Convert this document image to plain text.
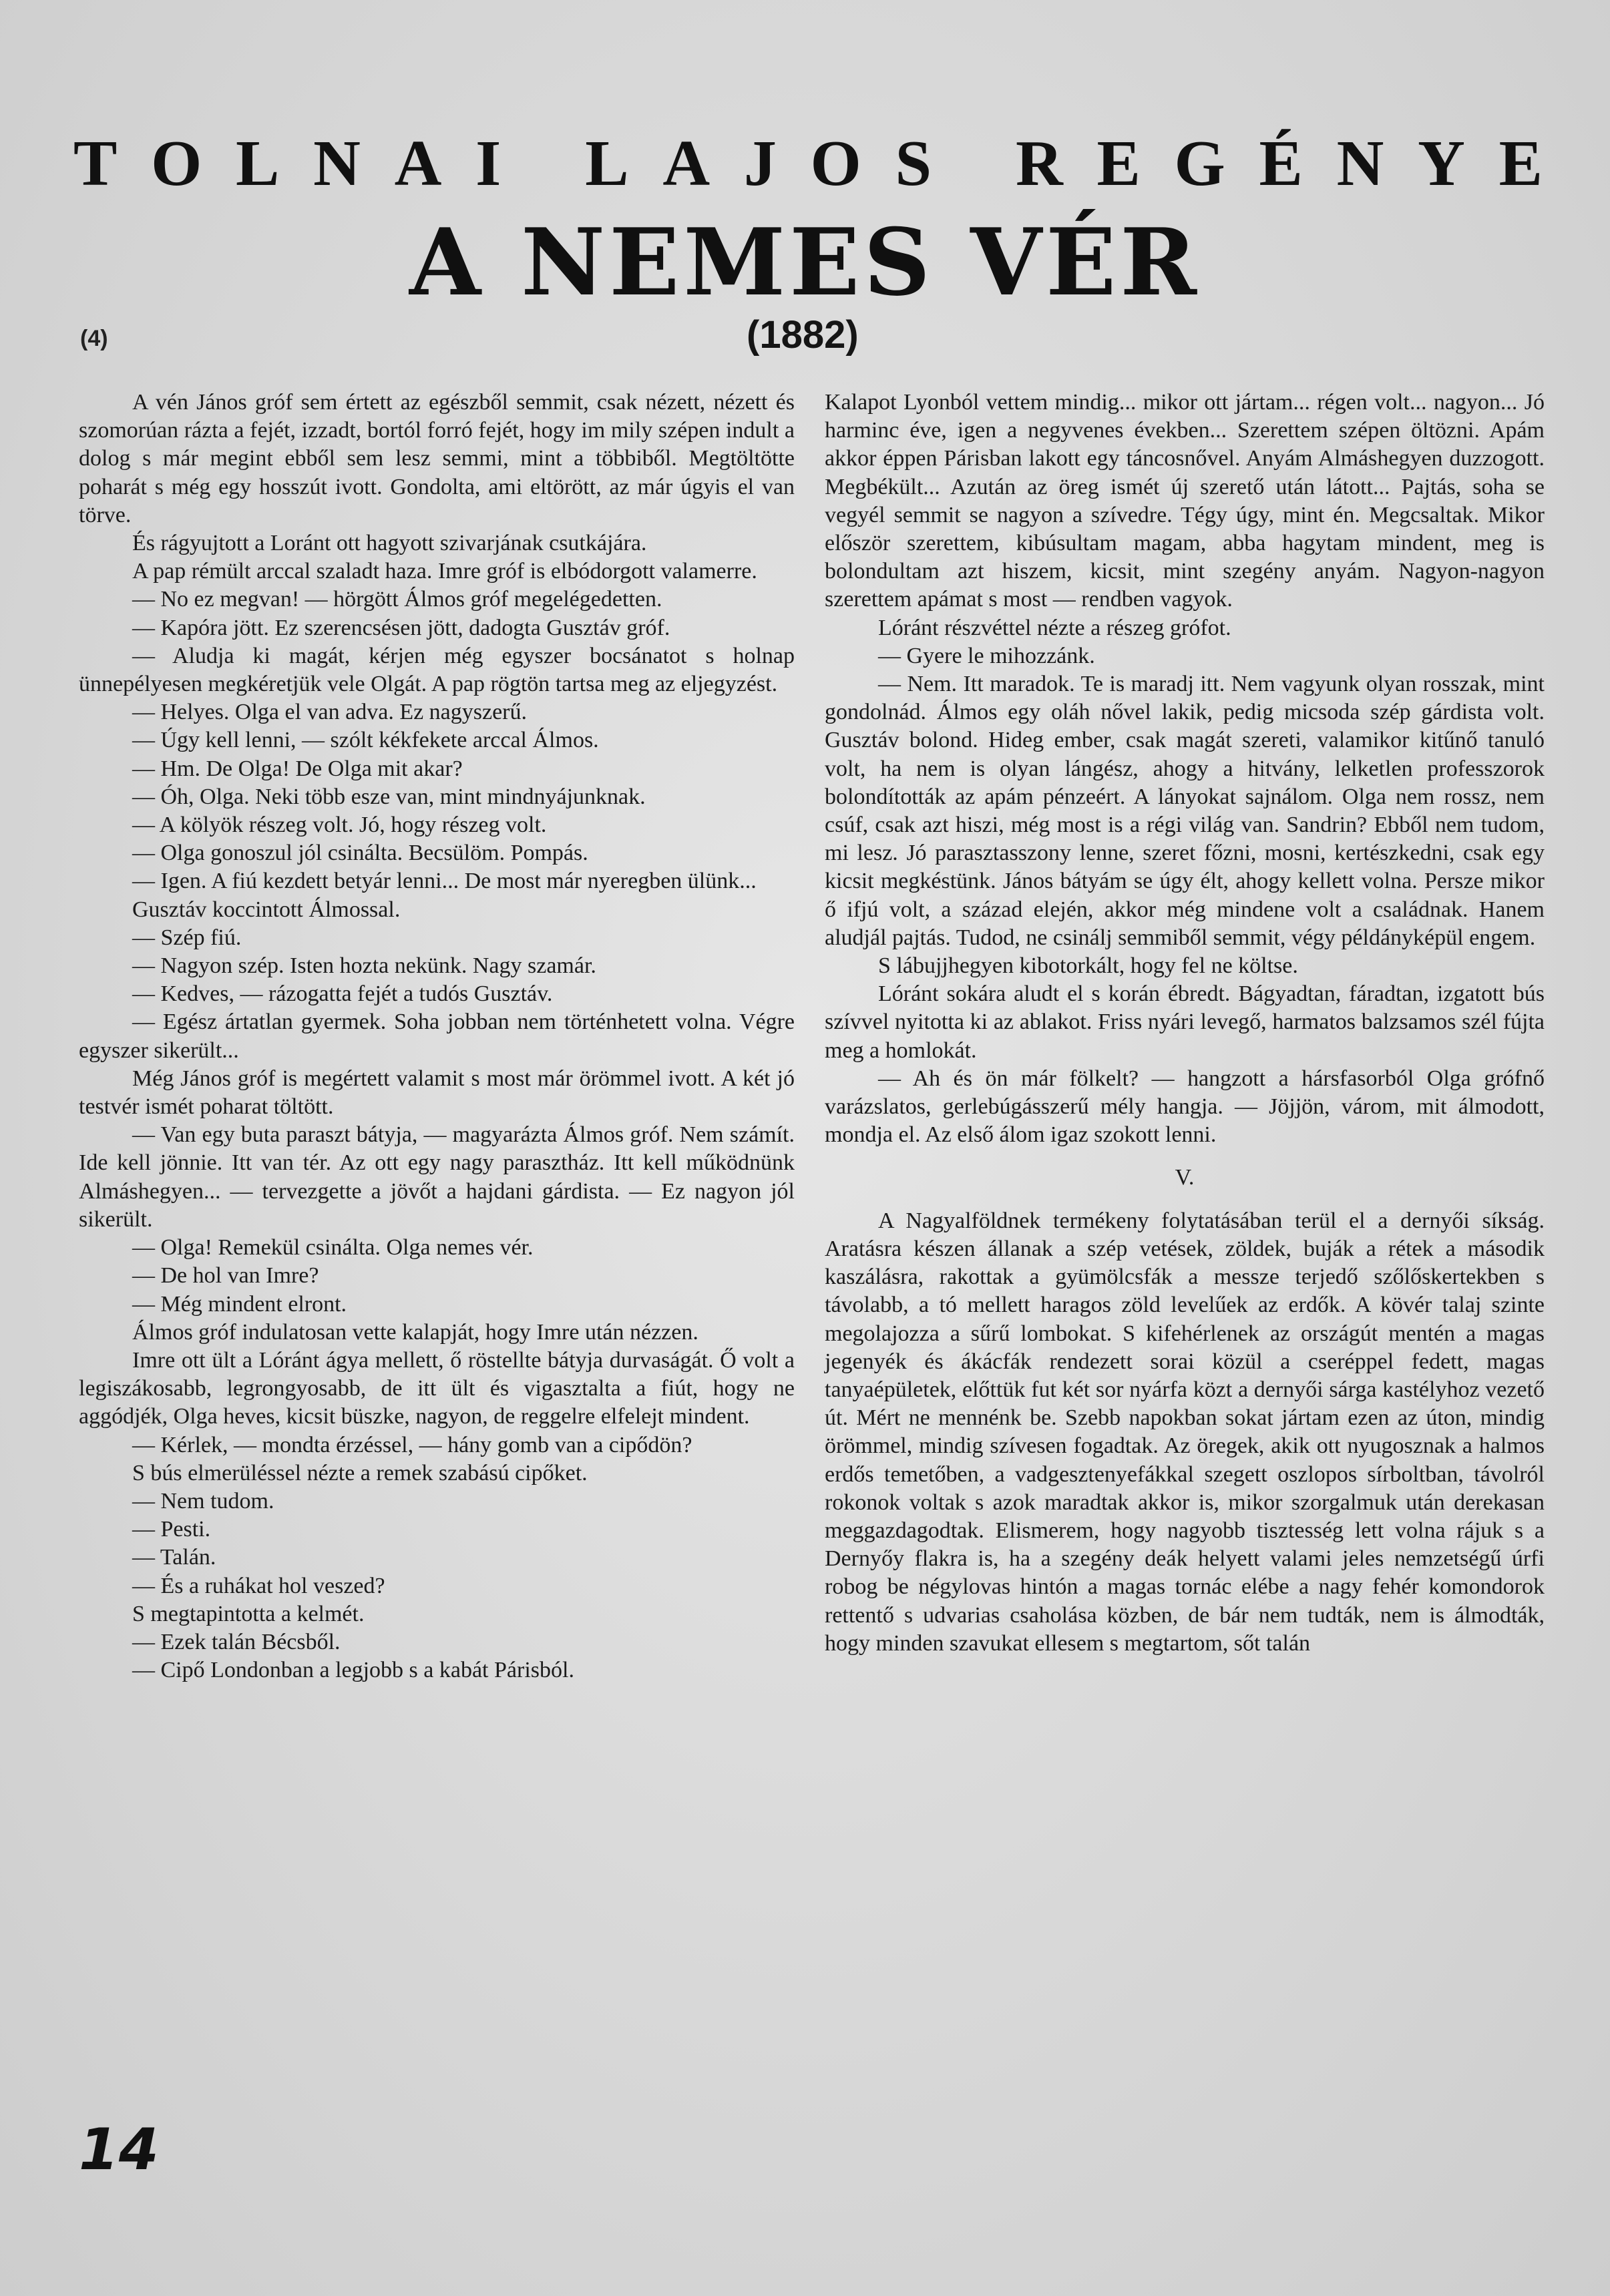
T O L N A I
L A J O S
R E G É N Y E
A NEMES VÉR
(4)	(1882)

A vén János gróf sem értett az egészből semmit, csak nézett, nézett és szomorúan rázta a fejét, izzadt, bortól forró fejét, hogy im mily szépen indult a dolog s már megint ebből sem lesz semmi, mint a többiből. Megtöltötte poharát s még egy hosszút ivott. Gondolta, ami eltörött, az már úgyis el van törve.

És rágyujtott a Loránt ott hagyott szivarjának csutkájára.

A pap rémült arccal szaladt haza. Imre gróf is elbódorgott valamerre.

— No ez megvan! — hörgött Álmos gróf megelégedetten.

— Kapóra jött. Ez szerencsésen jött, dadogta Gusztáv gróf.

— Aludja ki magát, kérjen még egyszer bocsánatot s holnap ünnepélyesen megkéretjük vele Olgát. A pap rögtön tartsa meg az eljegyzést.

— Helyes. Olga el van adva. Ez nagyszerű.

— Úgy kell lenni, — szólt kékfekete arccal Álmos.

— Hm. De Olga! De Olga mit akar?

— Óh, Olga. Neki több esze van, mint mindnyájunknak.

— A kölyök részeg volt. Jó, hogy részeg volt.

— Olga gonoszul jól csinálta. Becsülöm. Pompás.

— Igen. A fiú kezdett betyár lenni... De most már nyeregben ülünk...

Gusztáv koccintott Álmossal.

— Szép fiú.

— Nagyon szép. Isten hozta nekünk. Nagy szamár.

— Kedves, — rázogatta fejét a tudós Gusztáv.

— Egész ártatlan gyermek. Soha jobban nem történhetett volna. Végre egyszer sikerült...

Még János gróf is megértett valamit s most már örömmel ivott. A két jó testvér ismét poharat töltött.

— Van egy buta paraszt bátyja, — magyarázta Álmos gróf. Nem számít. Ide kell jönnie. Itt van tér. Az ott egy nagy parasztház. Itt kell működnünk Almáshegyen... — tervezgette a jövőt a hajdani gárdista. — Ez nagyon jól sikerült.

— Olga! Remekül csinálta. Olga nemes vér.

— De hol van Imre?

— Még mindent elront.

Álmos gróf indulatosan vette kalapját, hogy Imre után nézzen.

Imre ott ült a Lóránt ágya mellett, ő röstellte bátyja durvaságát. Ő volt a legiszákosabb, legrongyosabb, de itt ült és vigasztalta a fiút, hogy ne aggódjék, Olga heves, kicsit büszke, nagyon, de reggelre elfelejt mindent.

— Kérlek, — mondta érzéssel, — hány gomb van a cipődön?

S bús elmerüléssel nézte a remek szabású cipőket.

— Nem tudom.

— Pesti.

— Talán.

— És a ruhákat hol veszed?

S megtapintotta a kelmét.

— Ezek talán Bécsből.

— Cipő Londonban a legjobb s a kabát Párisból.

Kalapot Lyonból vettem mindig... mikor ott jártam... régen volt... nagyon... Jó harminc éve, igen a negyvenes években... Szerettem szépen öltözni. Apám akkor éppen Párisban lakott egy táncosnővel. Anyám Almáshegyen duzzogott. Megbékült... Azután az öreg ismét új szerető után látott... Pajtás, soha se vegyél semmit se nagyon a szívedre. Tégy úgy, mint én. Megcsaltak. Mikor először szerettem, kibúsultam magam, abba hagytam mindent, meg is bolondultam azt hiszem, kicsit, mint szegény anyám. Nagyon-nagyon szerettem apámat s most — rendben vagyok.

Lóránt részvéttel nézte a részeg grófot.

— Gyere le mihozzánk.

— Nem. Itt maradok. Te is maradj itt. Nem vagyunk olyan rosszak, mint gondolnád. Álmos egy oláh nővel lakik, pedig micsoda szép gárdista volt. Gusztáv bolond. Hideg ember, csak magát szereti, valamikor kitűnő tanuló volt, ha nem is olyan lángész, ahogy a hitvány, lelketlen professzorok bolondították az apám pénzeért. A lányokat sajnálom. Olga nem rossz, nem csúf, csak azt hiszi, még most is a régi világ van. Sandrin? Ebből nem tudom, mi lesz. Jó parasztasszony lenne, szeret főzni, mosni, kertészkedni, csak egy kicsit megkéstünk. János bátyám se úgy élt, ahogy kellett volna. Persze mikor ő ifjú volt, a század elején, akkor még mindene volt a családnak. Hanem aludjál pajtás. Tudod, ne csinálj semmiből semmit, végy példányképül engem.

S lábujjhegyen kibotorkált, hogy fel ne költse.

Lóránt sokára aludt el s korán ébredt. Bágyadtan, fáradtan, izgatott bús szívvel nyitotta ki az ablakot. Friss nyári levegő, harmatos balzsamos szél fújta meg a homlokát.

— Ah és ön már fölkelt? — hangzott a hársfasorból Olga grófnő varázslatos, gerlebúgásszerű mély hangja. — Jöjjön, várom, mit álmodott, mondja el. Az első álom igaz szokott lenni.

V.

A Nagyalföldnek termékeny folytatásában terül el a dernyői síkság. Aratásra készen állanak a szép vetések, zöldek, buják a rétek a második kaszálásra, rakottak a gyümölcsfák a messze terjedő szőlőskertekben s távolabb, a tó mellett haragos zöld levelűek az erdők. A kövér talaj szinte megolajozza a sűrű lombokat. S kifehérlenek az országút mentén a magas jegenyék és ákácfák rendezett sorai közül a cseréppel fedett, magas tanyaépületek, előttük fut két sor nyárfa közt a dernyői sárga kastélyhoz vezető út. Mért ne mennénk be. Szebb napokban sokat jártam ezen az úton, mindig örömmel, mindig szívesen fogadtak. Az öregek, akik ott nyugosznak a halmos erdős temetőben, a vadgesztenyefákkal szegett oszlopos sírboltban, távolról rokonok voltak s azok maradtak akkor is, mikor szorgalmuk után derekasan meggazdagodtak. Elismerem, hogy nagyobb tisztesség lett volna rájuk s a Dernyőy flakra is, ha a szegény deák helyett valami jeles nemzetségű úrfi robog be négylovas hintón a magas tornác elébe a nagy fehér komondorok rettentő s udvarias csaholása közben, de bár nem tudták, nem is álmodták, hogy minden szavukat ellesem s megtartom, sőt talán

14
